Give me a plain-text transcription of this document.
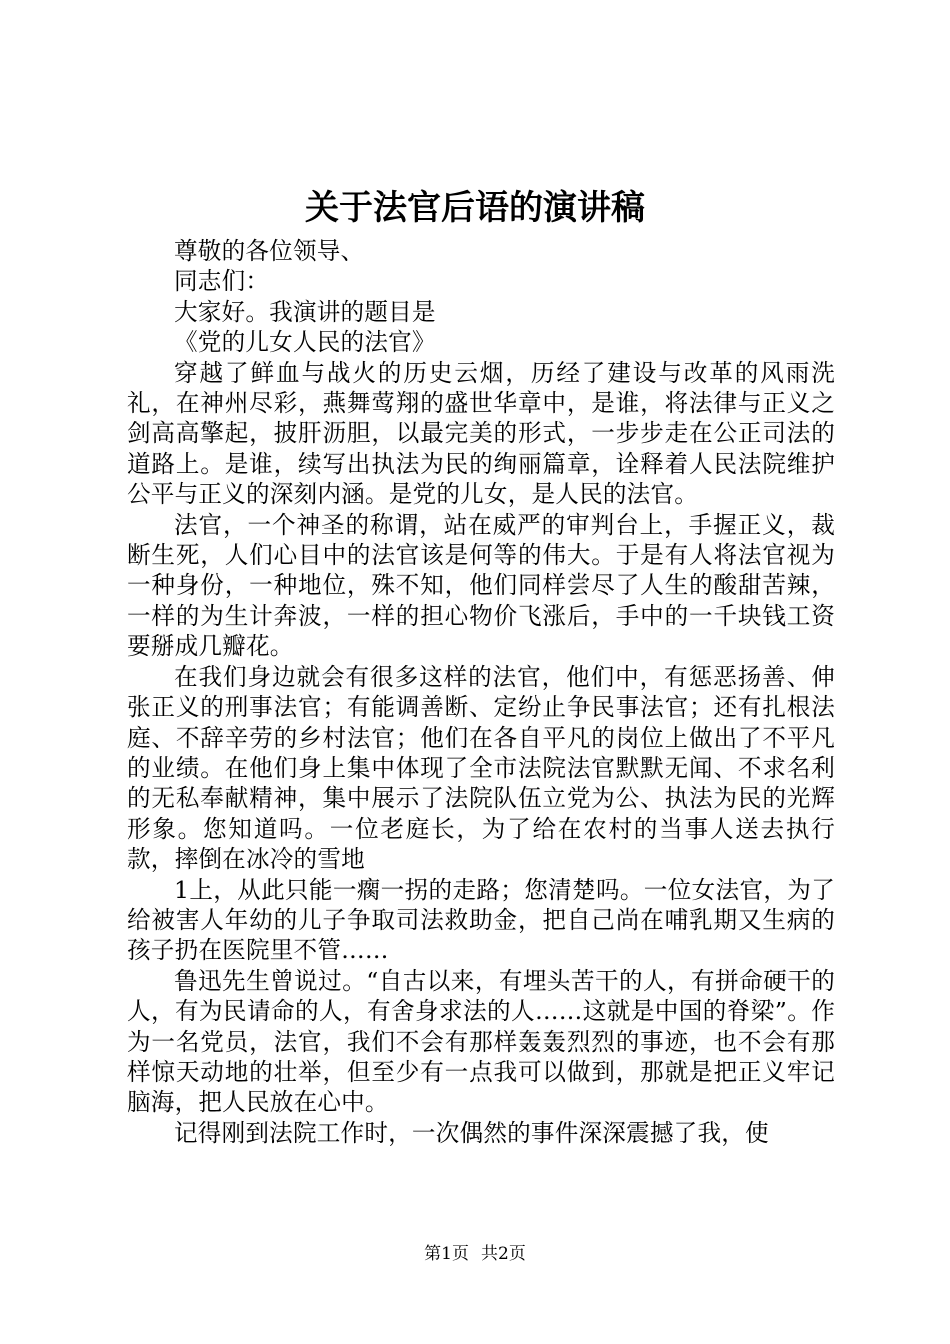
关于法官后语的演讲稿

尊敬的各位领导、

同志们：

大家好。我演讲的题目是

《党的儿女人民的法官》

穿越了鲜血与战火的历史云烟，历经了建设与改革的风雨洗礼，在神州尽彩，燕舞莺翔的盛世华章中，是谁，将法律与正义之剑高高擎起，披肝沥胆，以最完美的形式，一步步走在公正司法的道路上。是谁，续写出执法为民的绚丽篇章，诠释着人民法院维护公平与正义的深刻内涵。是党的儿女，是人民的法官。

法官，一个神圣的称谓，站在威严的审判台上，手握正义，裁断生死，人们心目中的法官该是何等的伟大。于是有人将法官视为一种身份，一种地位，殊不知，他们同样尝尽了人生的酸甜苦辣，一样的为生计奔波，一样的担心物价飞涨后，手中的一千块钱工资要掰成几瓣花。

在我们身边就会有很多这样的法官，他们中，有惩恶扬善、伸张正义的刑事法官；有能调善断、定纷止争民事法官；还有扎根法庭、不辞辛劳的乡村法官；他们在各自平凡的岗位上做出了不平凡的业绩。在他们身上集中体现了全市法院法官默默无闻、不求名利的无私奉献精神，集中展示了法院队伍立党为公、执法为民的光辉形象。您知道吗。一位老庭长，为了给在农村的当事人送去执行款，摔倒在冰冷的雪地

1上，从此只能一瘸一拐的走路；您清楚吗。一位女法官，为了给被害人年幼的儿子争取司法救助金，把自己尚在哺乳期又生病的孩子扔在医院里不管……

鲁迅先生曾说过。“自古以来，有埋头苦干的人，有拼命硬干的人，有为民请命的人，有舍身求法的人……这就是中国的脊梁”。作为一名党员，法官，我们不会有那样轰轰烈烈的事迹，也不会有那样惊天动地的壮举，但至少有一点我可以做到，那就是把正义牢记脑海，把人民放在心中。

记得刚到法院工作时，一次偶然的事件深深震撼了我，使

第1页 共2页
